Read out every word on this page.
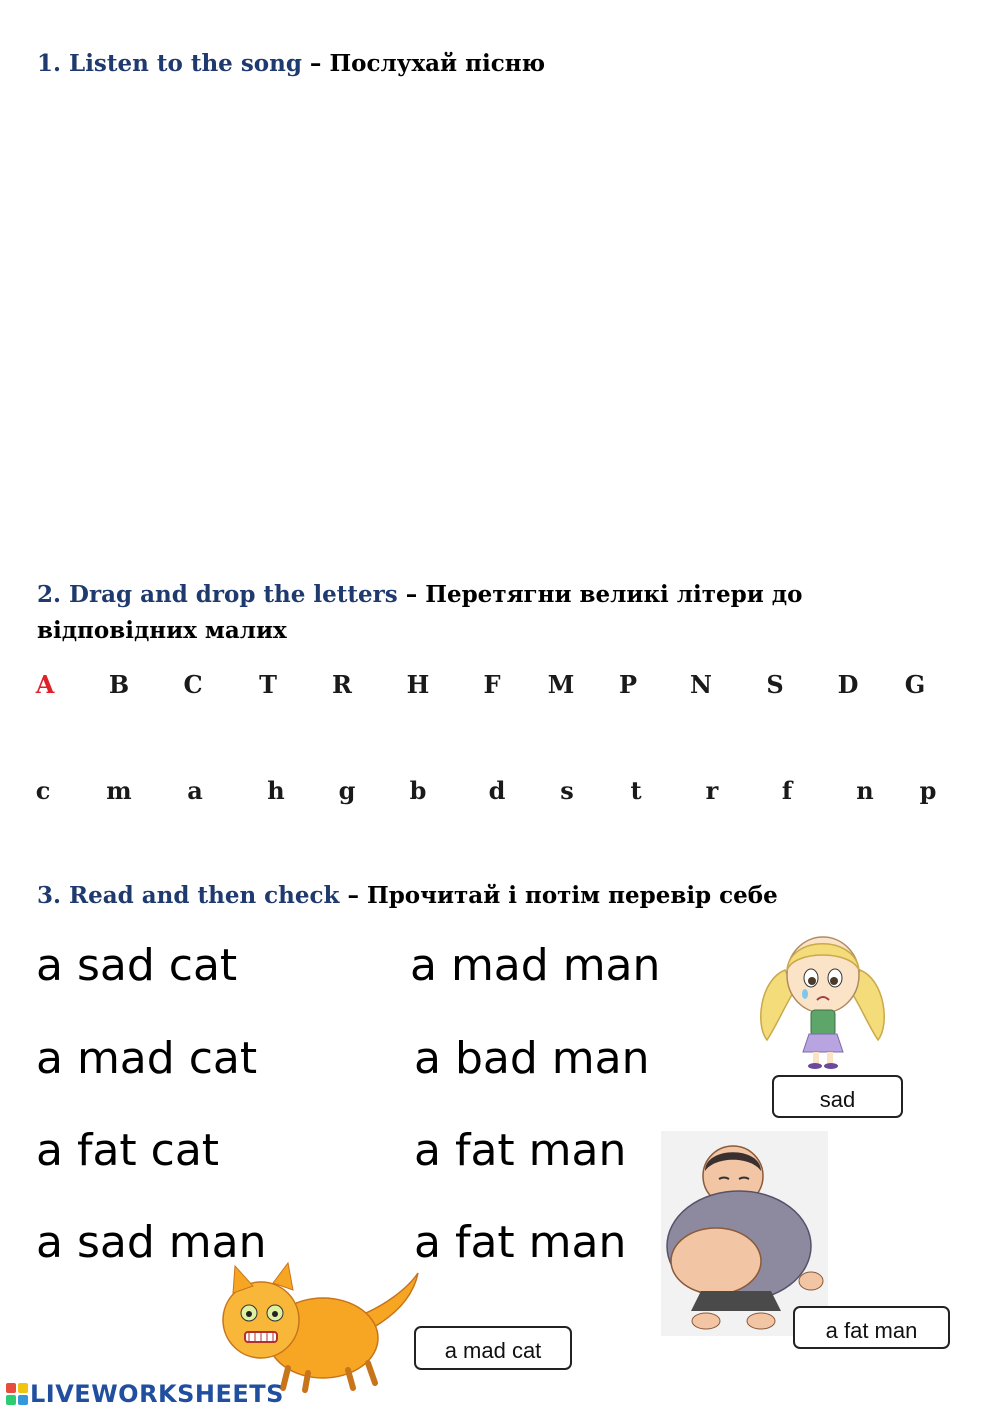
1. Listen to the song – Послухай пісню
2. Drag and drop the letters – Перетягни великі літери до
відповідних малих
A B C T R H F M P N S D G
c m a	h g b	d s t	r	f	n p
3. Read and then check – Прочитай і потім перевір себе
a sad cat
a mad cat
a fat cat
a sad man
a mad man
a bad man
a fat man
a fat man
sad
a fat man
a mad cat
LIVEWORKSHEETS
